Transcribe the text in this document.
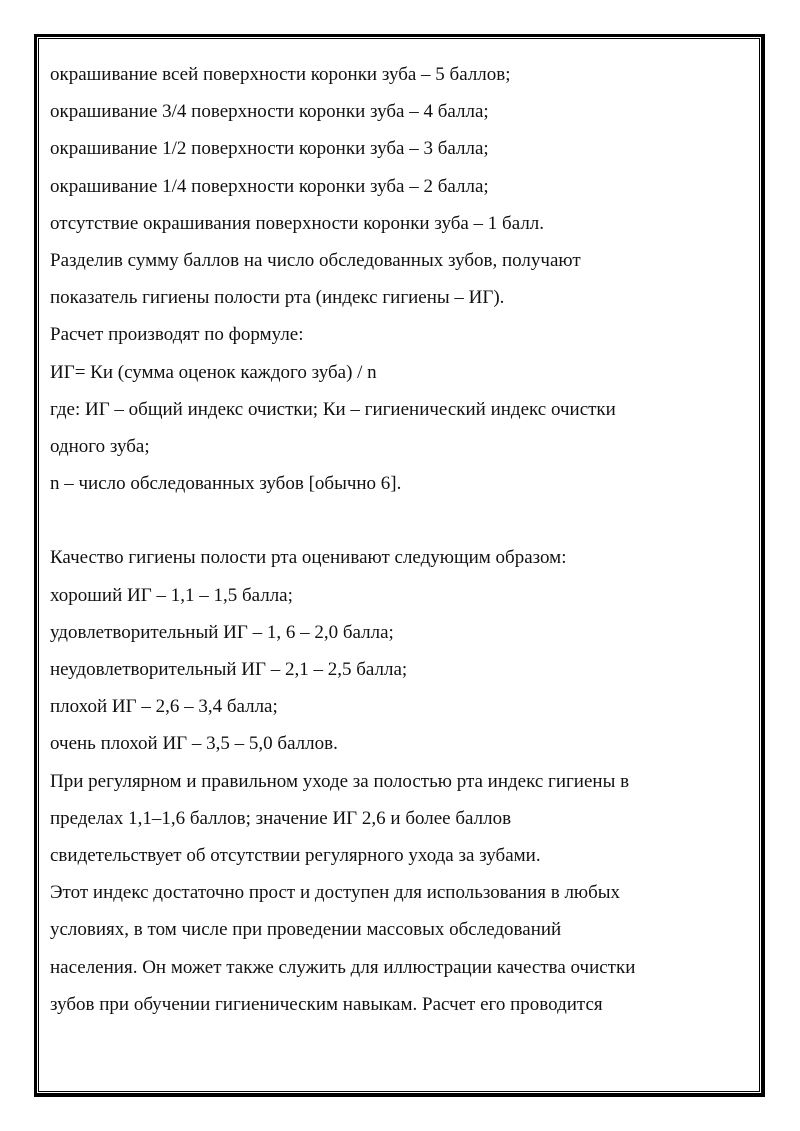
окрашивание всей поверхности коронки зуба – 5 баллов;
окрашивание 3/4 поверхности коронки зуба – 4 балла;
окрашивание 1/2 поверхности коронки зуба – 3 балла;
окрашивание 1/4 поверхности коронки зуба – 2 балла;
отсутствие окрашивания поверхности коронки зуба – 1 балл.
Разделив сумму баллов на число обследованных зубов, получают
показатель гигиены полости рта (индекс гигиены – ИГ).
Расчет производят по формуле:
ИГ= Ки (сумма оценок каждого зуба) / n
где: ИГ – общий индекс очистки; Ки – гигиенический индекс очистки
одного зуба;
n – число обследованных зубов [обычно 6].
Качество гигиены полости рта оценивают следующим образом:
хороший ИГ – 1,1 – 1,5 балла;
удовлетворительный ИГ – 1, 6 – 2,0 балла;
неудовлетворительный ИГ – 2,1 – 2,5 балла;
плохой ИГ – 2,6 – 3,4 балла;
очень плохой ИГ – 3,5 – 5,0 баллов.
При регулярном и правильном уходе за полостью рта индекс гигиены в
пределах 1,1–1,6 баллов; значение ИГ 2,6 и более баллов
свидетельствует об отсутствии регулярного ухода за зубами.
Этот индекс достаточно прост и доступен для использования в любых
условиях, в том числе при проведении массовых обследований
населения. Он может также служить для иллюстрации качества очистки
зубов при обучении гигиеническим навыкам. Расчет его проводится
